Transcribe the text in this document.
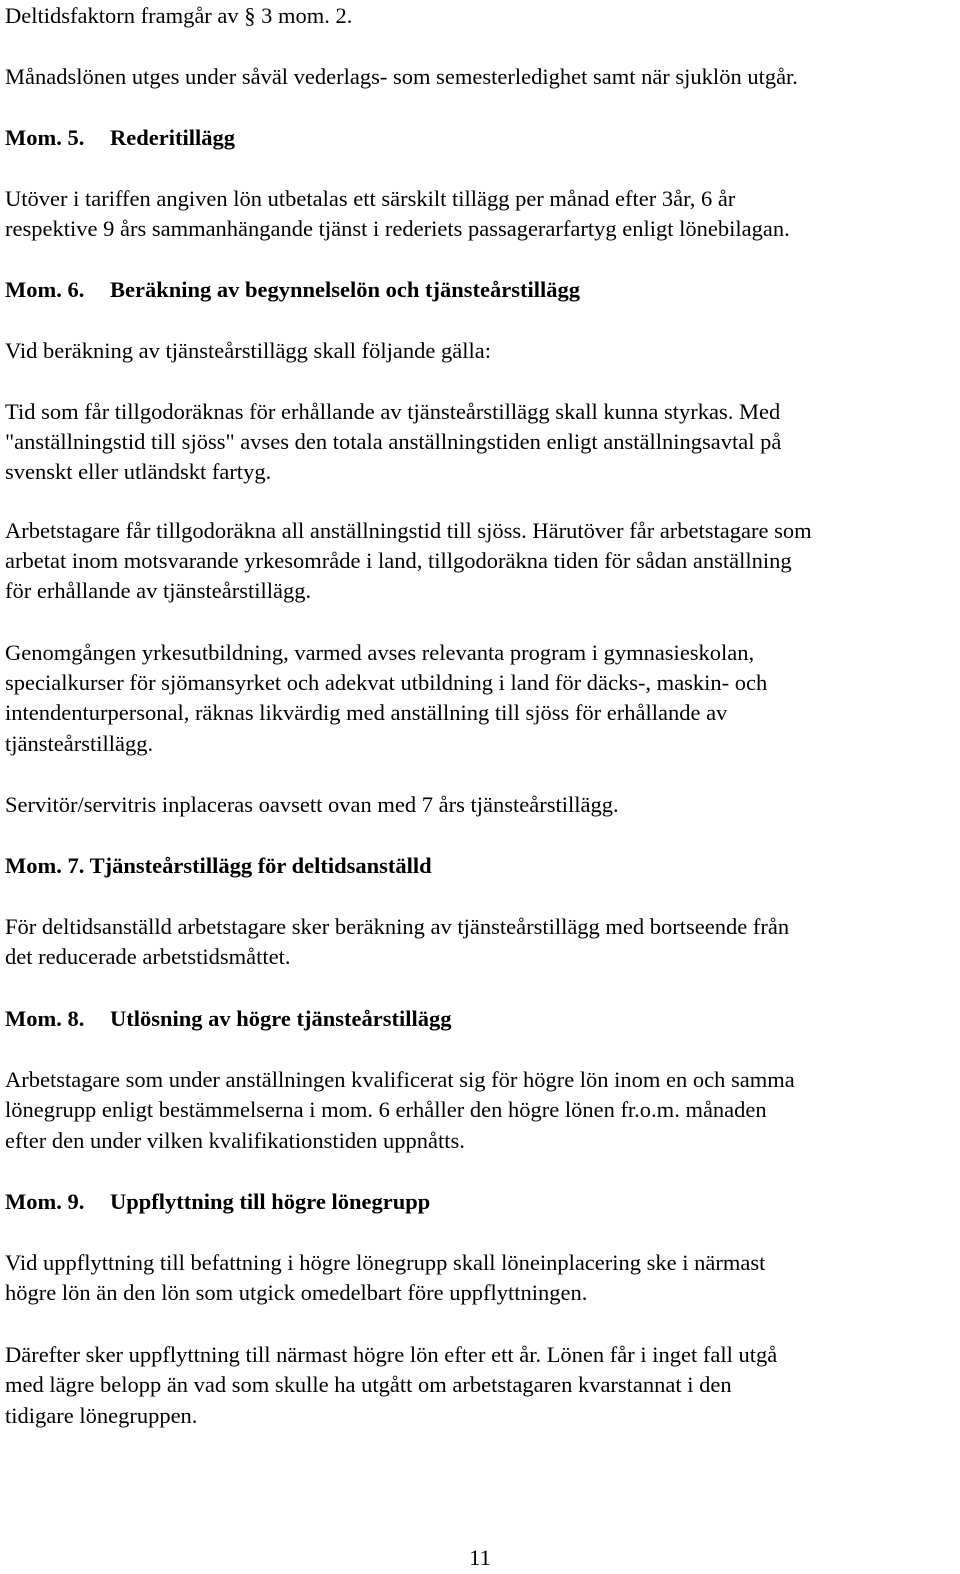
Deltidsfaktorn framgår av § 3 mom. 2.
Månadslönen utges under såväl vederlags- som semesterledighet samt när sjuklön utgår.
Mom. 5. Rederitillägg
Utöver i tariffen angiven lön utbetalas ett särskilt tillägg per månad efter 3år, 6 år
respektive 9 års sammanhängande tjänst i rederiets passagerarfartyg enligt lönebilagan.
Mom. 6. Beräkning av begynnelselön och tjänsteårstillägg
Vid beräkning av tjänsteårstillägg skall följande gälla:
Tid som får tillgodoräknas för erhållande av tjänsteårstillägg skall kunna styrkas. Med
"anställningstid till sjöss" avses den totala anställningstiden enligt anställningsavtal på
svenskt eller utländskt fartyg.
Arbetstagare får tillgodoräkna all anställningstid till sjöss. Härutöver får arbetstagare som
arbetat inom motsvarande yrkesområde i land, tillgodoräkna tiden för sådan anställning
för erhållande av tjänsteårstillägg.
Genomgången yrkesutbildning, varmed avses relevanta program i gymnasieskolan,
specialkurser för sjömansyrket och adekvat utbildning i land för däcks-, maskin- och
intendenturpersonal, räknas likvärdig med anställning till sjöss för erhållande av
tjänsteårstillägg.
Servitör/servitris inplaceras oavsett ovan med 7 års tjänsteårstillägg.
Mom. 7. Tjänsteårstillägg för deltidsanställd
För deltidsanställd arbetstagare sker beräkning av tjänsteårstillägg med bortseende från
det reducerade arbetstidsmåttet.
Mom. 8. Utlösning av högre tjänsteårstillägg
Arbetstagare som under anställningen kvalificerat sig för högre lön inom en och samma
lönegrupp enligt bestämmelserna i mom. 6 erhåller den högre lönen fr.o.m. månaden
efter den under vilken kvalifikationstiden uppnåtts.
Mom. 9. Uppflyttning till högre lönegrupp
Vid uppflyttning till befattning i högre lönegrupp skall löneinplacering ske i närmast
högre lön än den lön som utgick omedelbart före uppflyttningen.
Därefter sker uppflyttning till närmast högre lön efter ett år. Lönen får i inget fall utgå
med lägre belopp än vad som skulle ha utgått om arbetstagaren kvarstannat i den
tidigare lönegruppen.
11
